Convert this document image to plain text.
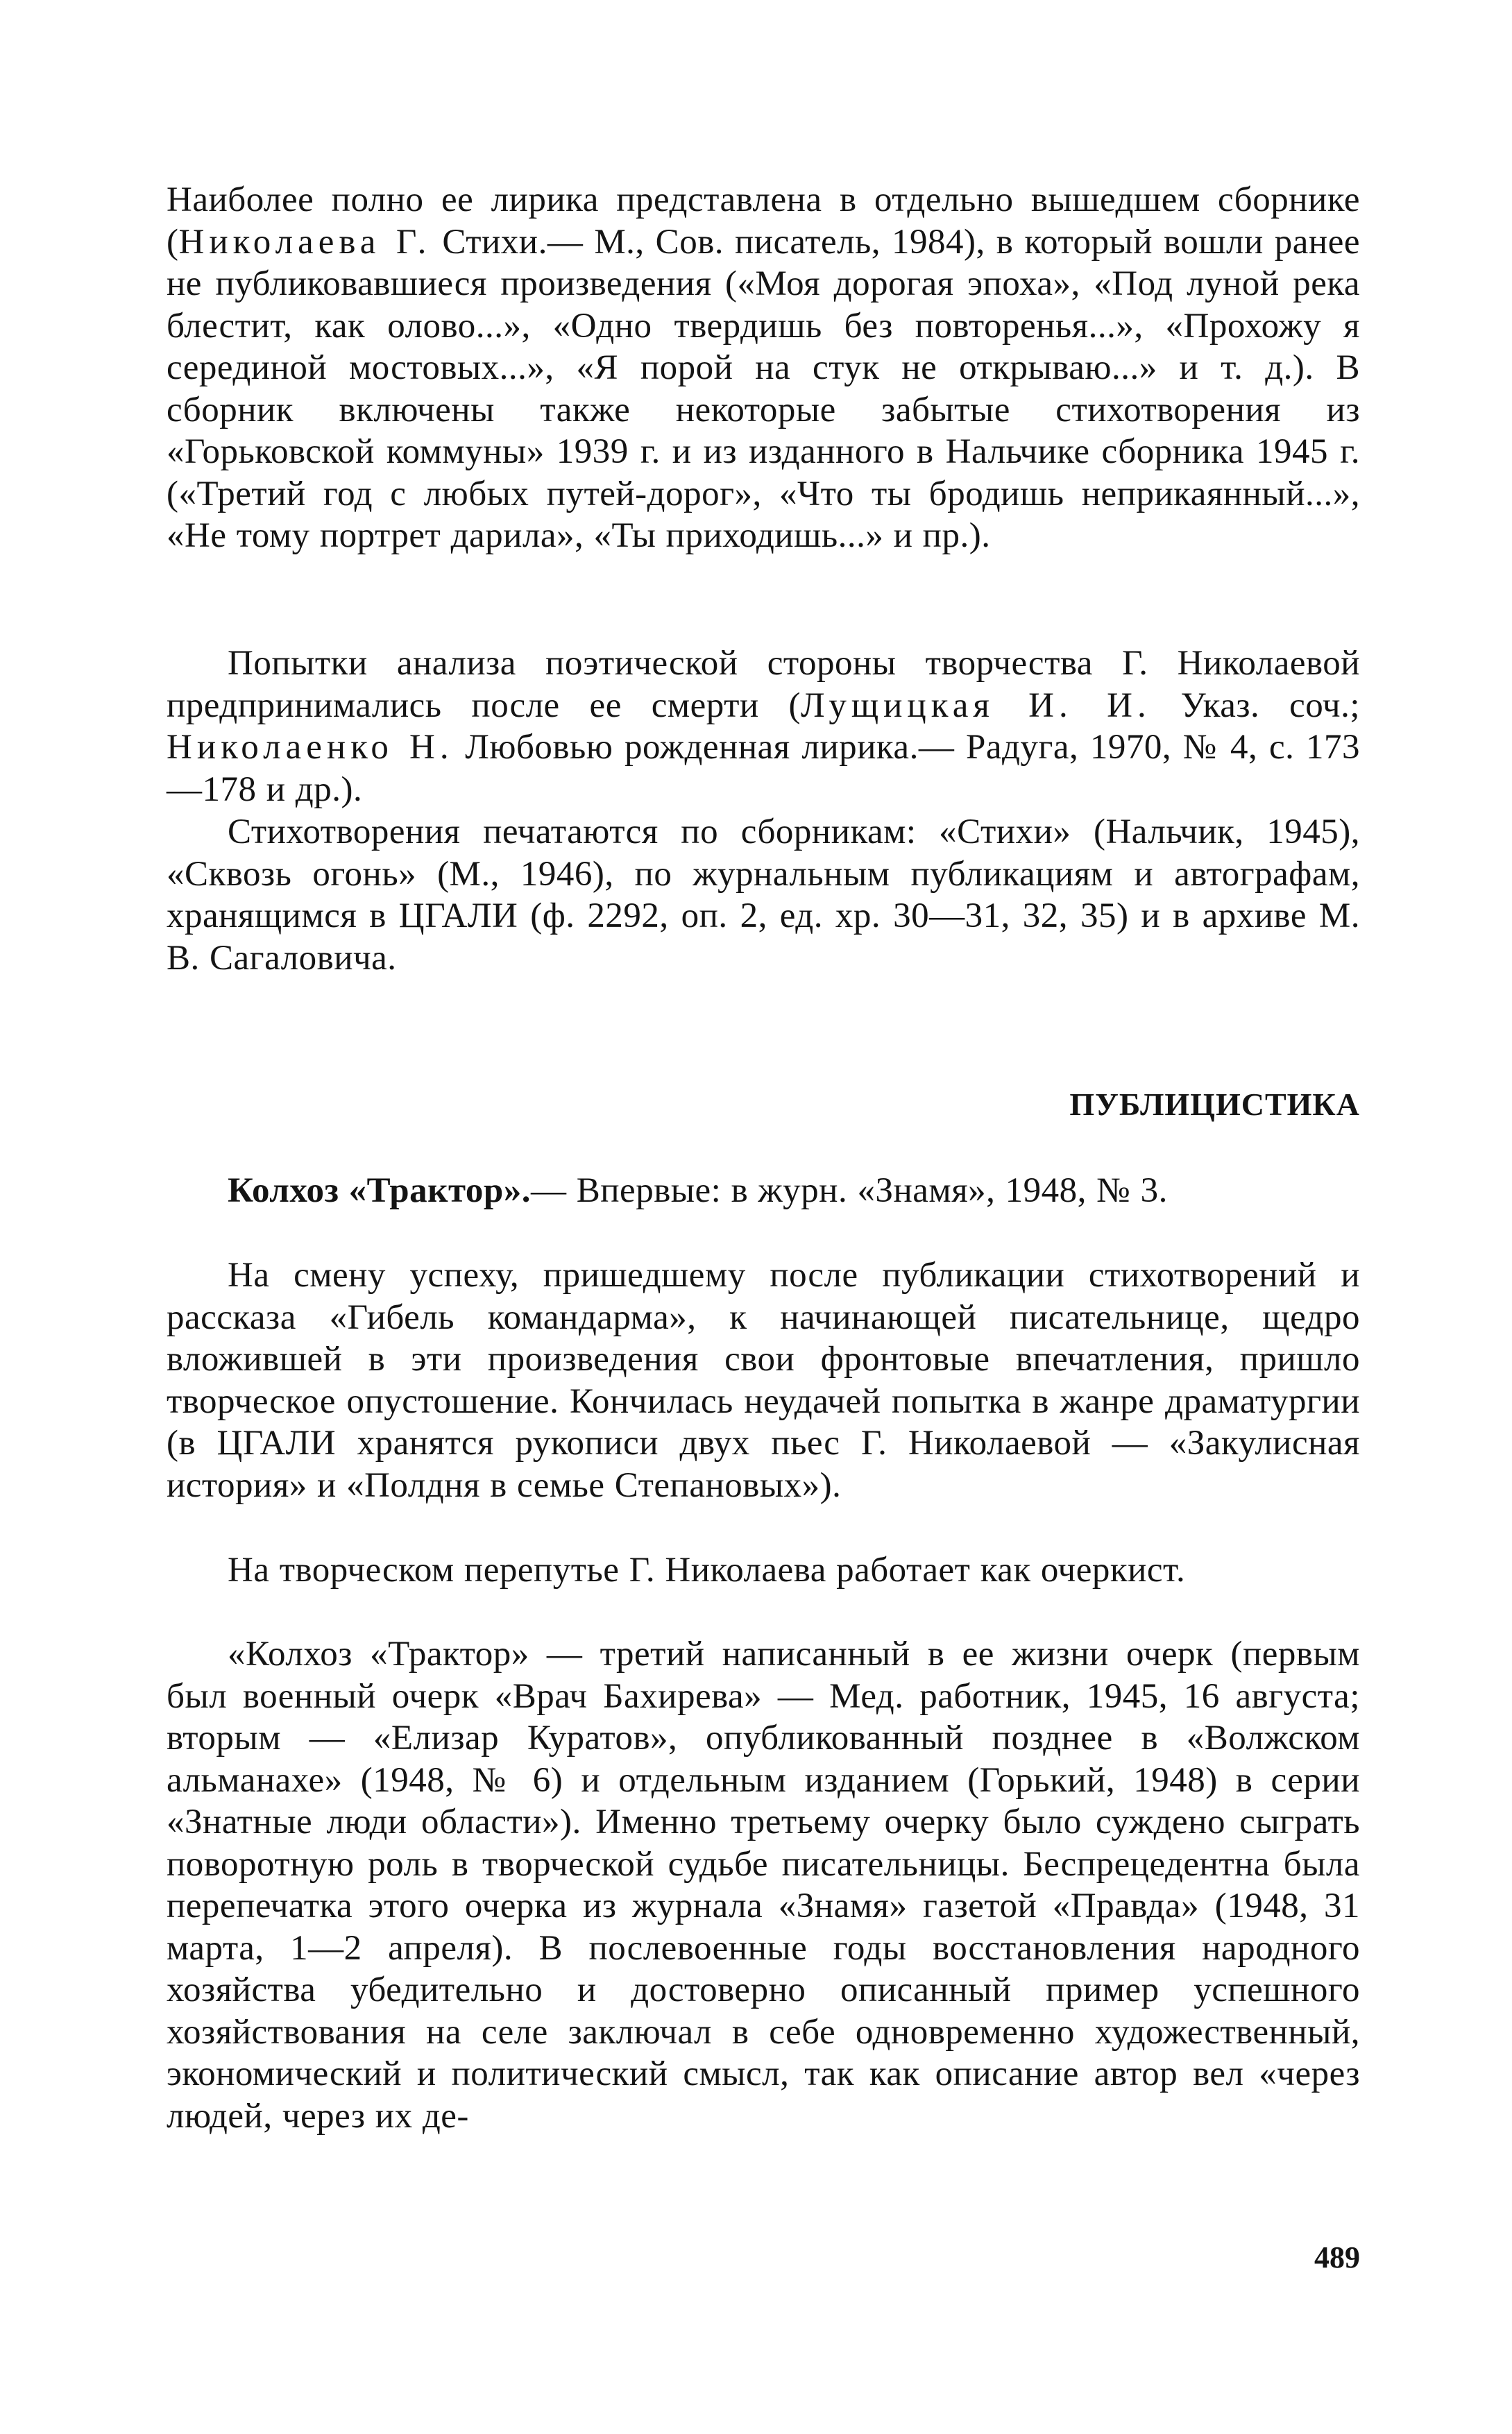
Наиболее полно ее лирика представлена в отдельно вышедшем сборнике (Николаева Г. Стихи.— М., Сов. писатель, 1984), в который вошли ранее не публиковавшиеся произведения («Моя дорогая эпоха», «Под луной река блестит, как олово...», «Одно твердишь без повторенья...», «Прохожу я серединой мостовых...», «Я порой на стук не открываю...» и т. д.). В сборник включены также некоторые забытые стихотворения из «Горьковской коммуны» 1939 г. и из изданного в Нальчике сборника 1945 г. («Третий год с любых путей-дорог», «Что ты бродишь неприкаянный...», «Не тому портрет дарила», «Ты приходишь...» и пр.).

Попытки анализа поэтической стороны творчества Г. Николаевой предпринимались после ее смерти (Лущицкая И. И. Указ. соч.; Николаенко Н. Любовью рожденная лирика.— Радуга, 1970, № 4, с. 173—178 и др.).

Стихотворения печатаются по сборникам: «Стихи» (Нальчик, 1945), «Сквозь огонь» (М., 1946), по журнальным публикациям и автографам, хранящимся в ЦГАЛИ (ф. 2292, оп. 2, ед. хр. 30—31, 32, 35) и в архиве М. В. Сагаловича.

ПУБЛИЦИСТИКА

Колхоз «Трактор».— Впервые: в журн. «Знамя», 1948, № 3.

На смену успеху, пришедшему после публикации стихотворений и рассказа «Гибель командарма», к начинающей писательнице, щедро вложившей в эти произведения свои фронтовые впечатления, пришло творческое опустошение. Кончилась неудачей попытка в жанре драматургии (в ЦГАЛИ хранятся рукописи двух пьес Г. Николаевой — «Закулисная история» и «Полдня в семье Степановых»).

На творческом перепутье Г. Николаева работает как очеркист.

«Колхоз «Трактор» — третий написанный в ее жизни очерк (первым был военный очерк «Врач Бахирева» — Мед. работник, 1945, 16 августа; вторым — «Елизар Куратов», опубликованный позднее в «Волжском альманахе» (1948, № 6) и отдельным изданием (Горький, 1948) в серии «Знатные люди области»). Именно третьему очерку было суждено сыграть поворотную роль в творческой судьбе писательницы. Беспрецедентна была перепечатка этого очерка из журнала «Знамя» газетой «Правда» (1948, 31 марта, 1—2 апреля). В послевоенные годы восстановления народного хозяйства убедительно и достоверно описанный пример успешного хозяйствования на селе заключал в себе одновременно художественный, экономический и политический смысл, так как описание автор вел «через людей, через их де-

489
